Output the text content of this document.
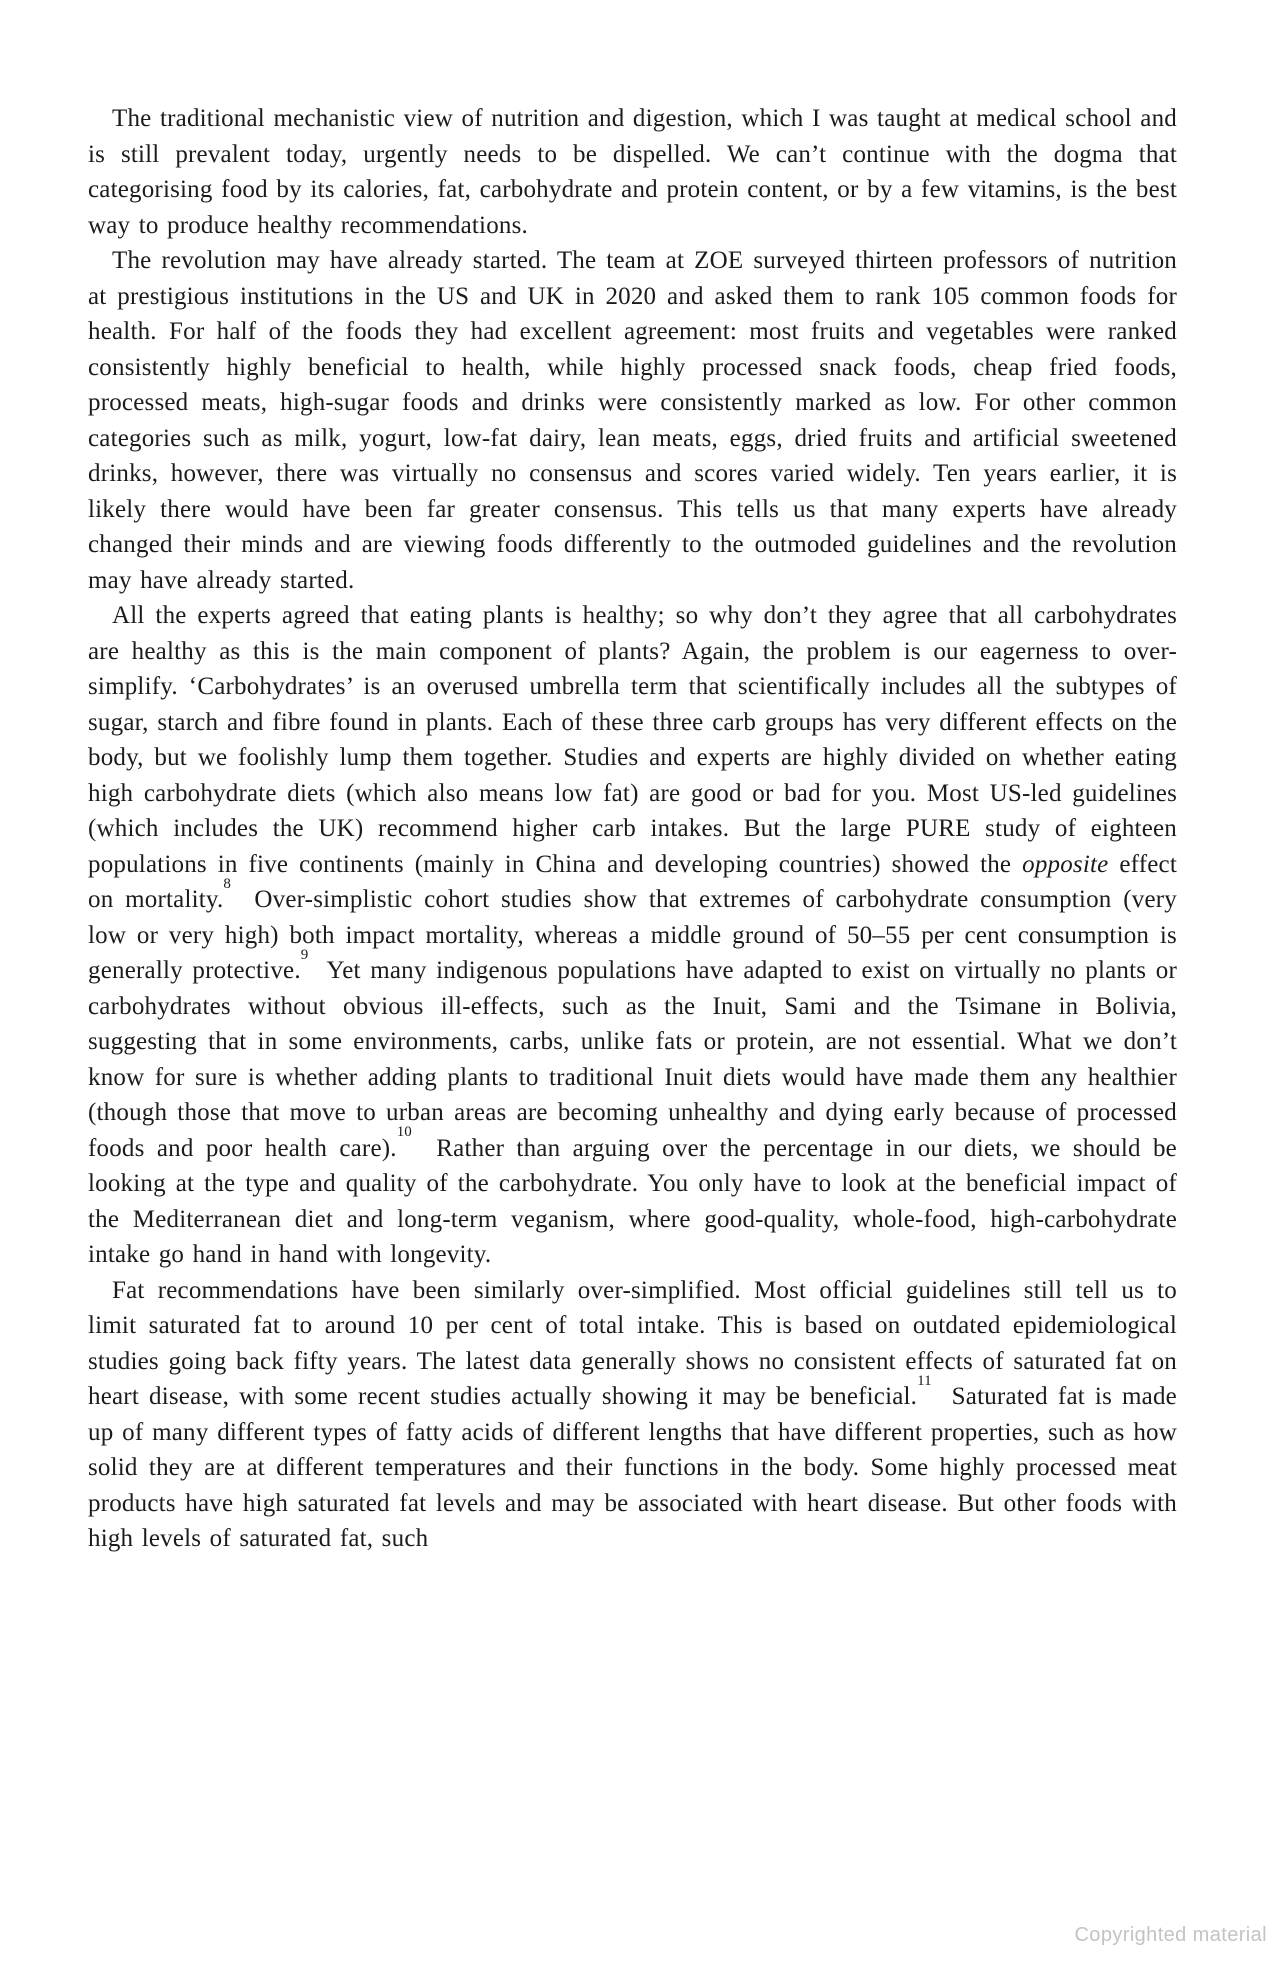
The traditional mechanistic view of nutrition and digestion, which I was taught at medical school and is still prevalent today, urgently needs to be dispelled. We can’t continue with the dogma that categorising food by its calories, fat, carbohydrate and protein content, or by a few vitamins, is the best way to produce healthy recommendations.

The revolution may have already started. The team at ZOE surveyed thirteen professors of nutrition at prestigious institutions in the US and UK in 2020 and asked them to rank 105 common foods for health. For half of the foods they had excellent agreement: most fruits and vegetables were ranked consistently highly beneficial to health, while highly processed snack foods, cheap fried foods, processed meats, high-sugar foods and drinks were consistently marked as low. For other common categories such as milk, yogurt, low-fat dairy, lean meats, eggs, dried fruits and artificial sweetened drinks, however, there was virtually no consensus and scores varied widely. Ten years earlier, it is likely there would have been far greater consensus. This tells us that many experts have already changed their minds and are viewing foods differently to the outmoded guidelines and the revolution may have already started.

All the experts agreed that eating plants is healthy; so why don’t they agree that all carbohydrates are healthy as this is the main component of plants? Again, the problem is our eagerness to over-simplify. ‘Carbohydrates’ is an overused umbrella term that scientifically includes all the subtypes of sugar, starch and fibre found in plants. Each of these three carb groups has very different effects on the body, but we foolishly lump them together. Studies and experts are highly divided on whether eating high carbohydrate diets (which also means low fat) are good or bad for you. Most US-led guidelines (which includes the UK) recommend higher carb intakes. But the large PURE study of eighteen populations in five continents (mainly in China and developing countries) showed the opposite effect on mortality.$^8$  Over-simplistic cohort studies show that extremes of carbohydrate consumption (very low or very high) both impact mortality, whereas a middle ground of 50–55 per cent consumption is generally protective.$^9$  Yet many indigenous populations have adapted to exist on virtually no plants or carbohydrates without obvious ill-effects, such as the Inuit, Sami and the Tsimane in Bolivia, suggesting that in some environments, carbs, unlike fats or protein, are not essential. What we don’t know for sure is whether adding plants to traditional Inuit diets would have made them any healthier (though those that move to urban areas are becoming unhealthy and dying early because of processed foods and poor health care).$^{10}$  Rather than arguing over the percentage in our diets, we should be looking at the type and quality of the carbohydrate. You only have to look at the beneficial impact of the Mediterranean diet and long-term veganism, where good-quality, whole-food, high-carbohydrate intake go hand in hand with longevity.

Fat recommendations have been similarly over-simplified. Most official guidelines still tell us to limit saturated fat to around 10 per cent of total intake. This is based on outdated epidemiological studies going back fifty years. The latest data generally shows no consistent effects of saturated fat on heart disease, with some recent studies actually showing it may be beneficial.$^{11}$  Saturated fat is made up of many different types of fatty acids of different lengths that have different properties, such as how solid they are at different temperatures and their functions in the body. Some highly processed meat products have high saturated fat levels and may be associated with heart disease. But other foods with high levels of saturated fat, such

Copyrighted material
